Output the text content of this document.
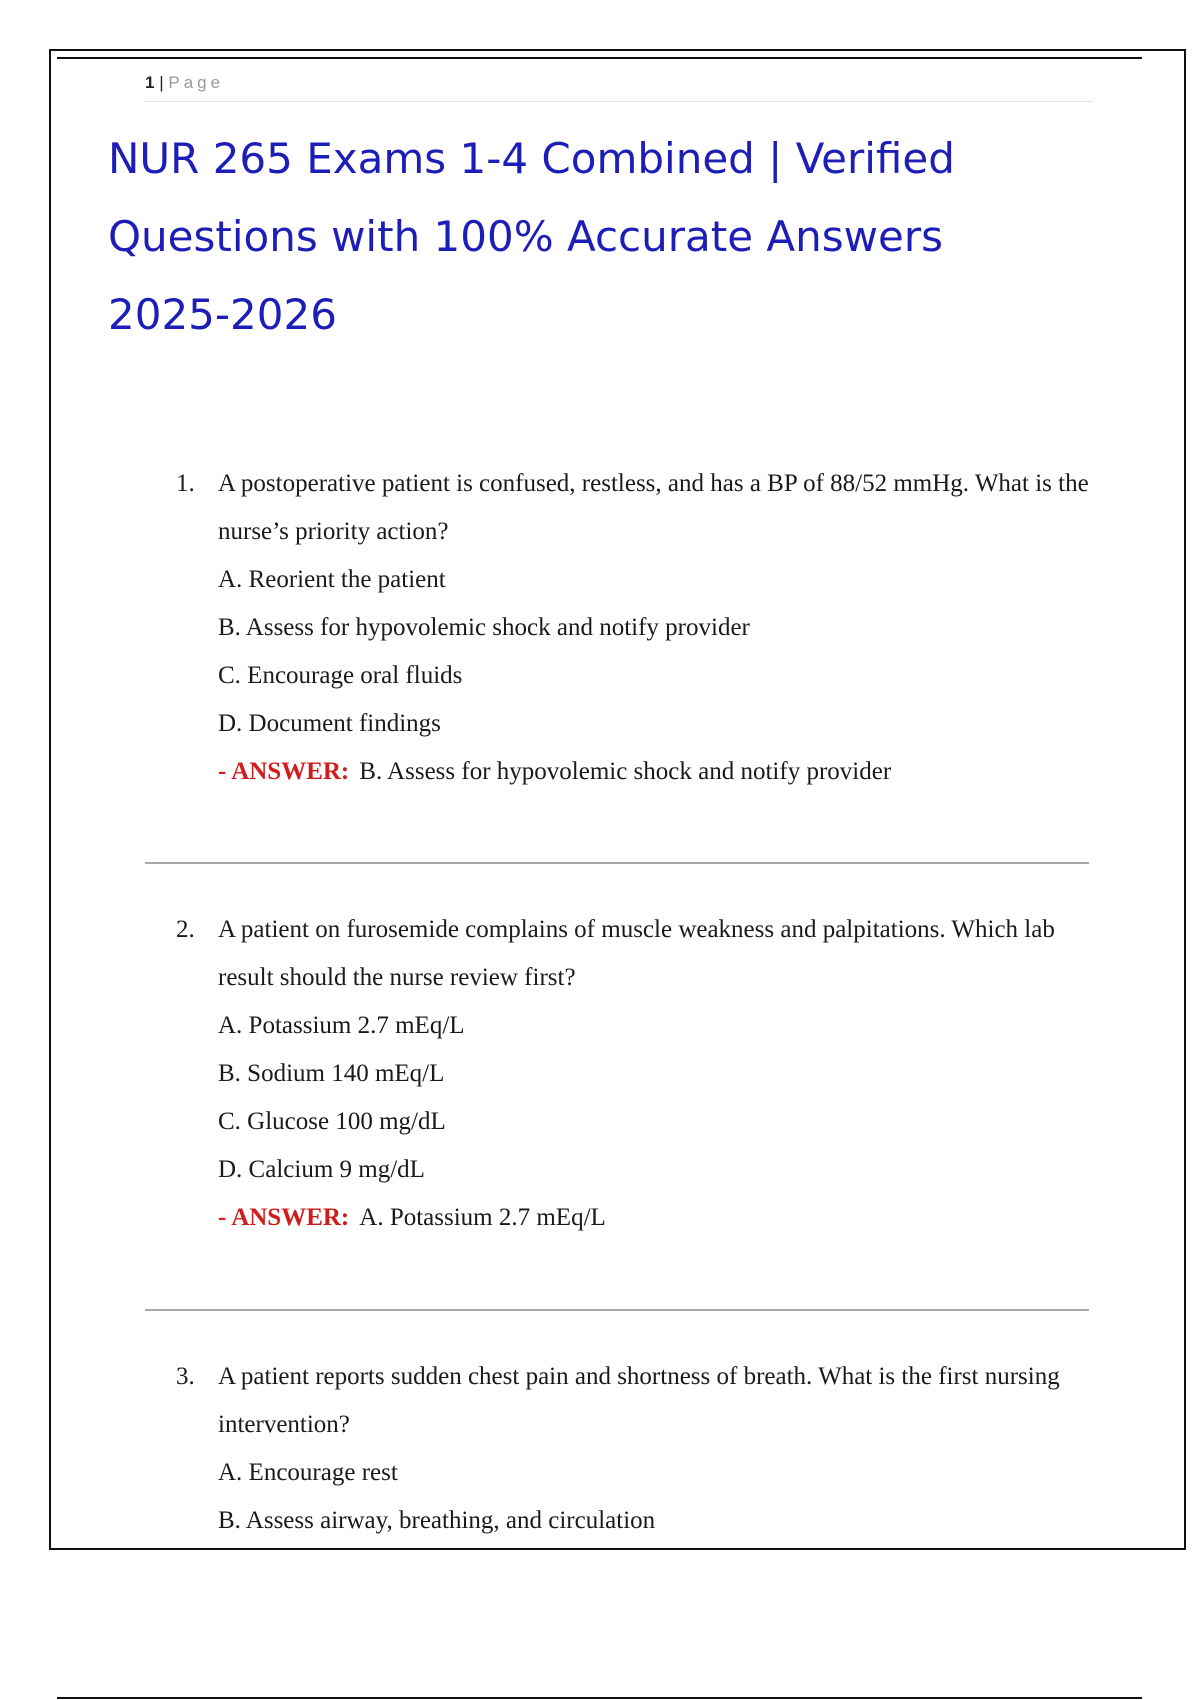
1 | Page
NUR 265 Exams 1-4 Combined | Verified Questions with 100% Accurate Answers 2025-2026
1. A postoperative patient is confused, restless, and has a BP of 88/52 mmHg. What is the nurse’s priority action?
A. Reorient the patient
B. Assess for hypovolemic shock and notify provider
C. Encourage oral fluids
D. Document findings
- ANSWER: B. Assess for hypovolemic shock and notify provider
2. A patient on furosemide complains of muscle weakness and palpitations. Which lab result should the nurse review first?
A. Potassium 2.7 mEq/L
B. Sodium 140 mEq/L
C. Glucose 100 mg/dL
D. Calcium 9 mg/dL
- ANSWER: A. Potassium 2.7 mEq/L
3. A patient reports sudden chest pain and shortness of breath. What is the first nursing intervention?
A. Encourage rest
B. Assess airway, breathing, and circulation
